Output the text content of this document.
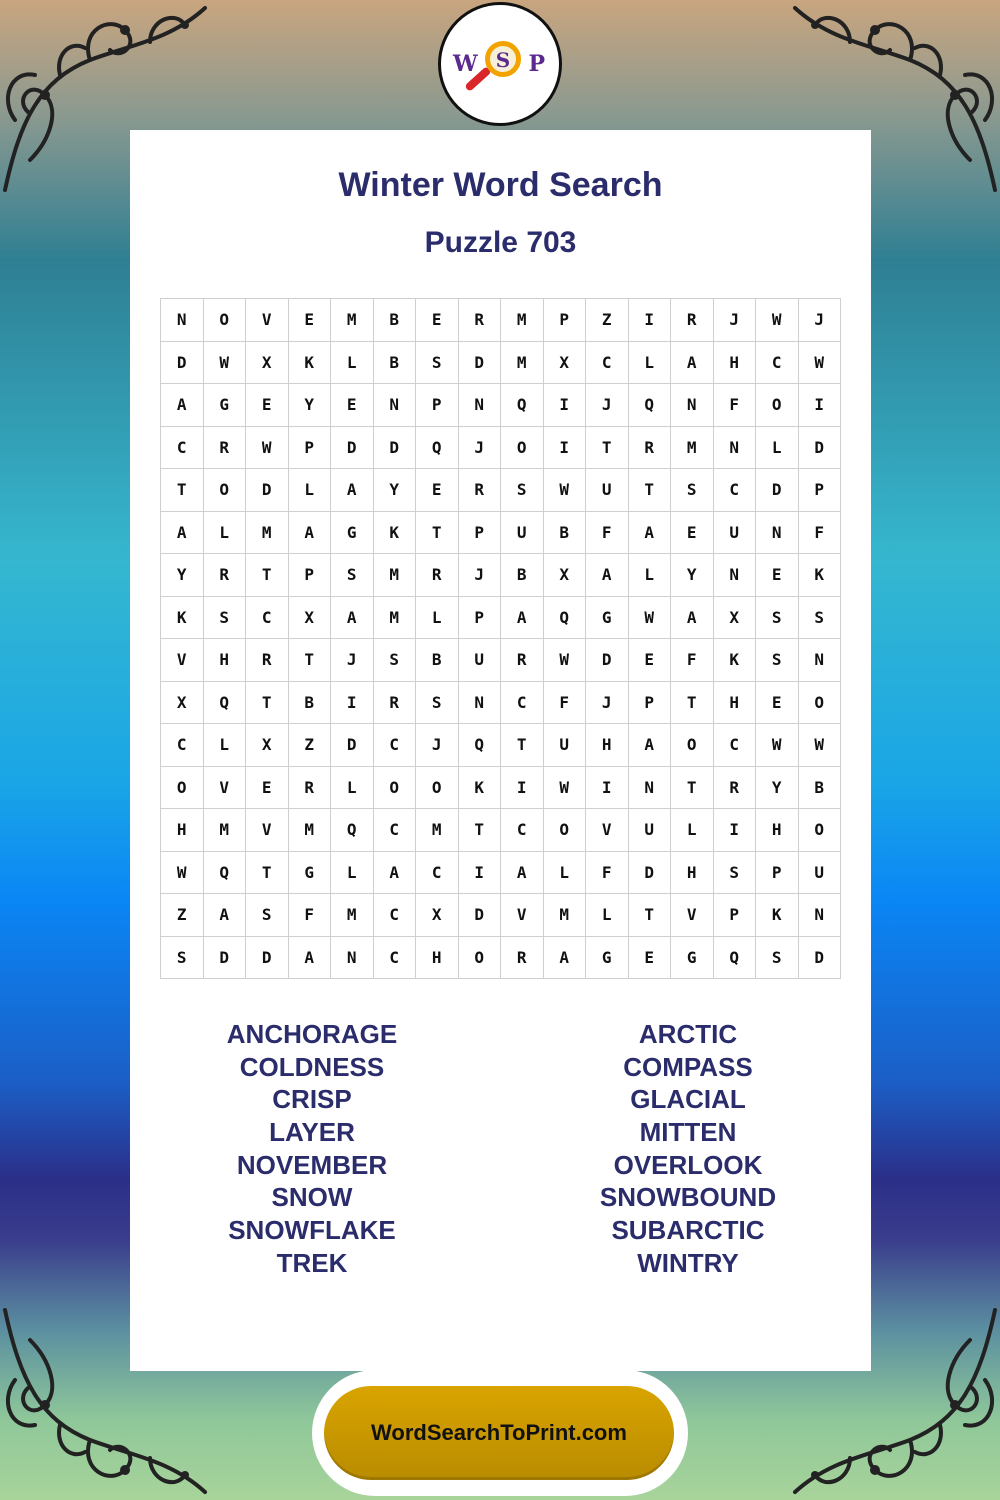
W S P
Winter Word Search
Puzzle 703
N	O	V	E	M	B	E	R	M	P	Z	I	R	J	W	J
D	W	X	K	L	B	S	D	M	X	C	L	A	H	C	W
A	G	E	Y	E	N	P	N	Q	I	J	Q	N	F	O	I
C	R	W	P	D	D	Q	J	O	I	T	R	M	N	L	D
T	O	D	L	A	Y	E	R	S	W	U	T	S	C	D	P
A	L	M	A	G	K	T	P	U	B	F	A	E	U	N	F
Y	R	T	P	S	M	R	J	B	X	A	L	Y	N	E	K
K	S	C	X	A	M	L	P	A	Q	G	W	A	X	S	S
V	H	R	T	J	S	B	U	R	W	D	E	F	K	S	N
X	Q	T	B	I	R	S	N	C	F	J	P	T	H	E	O
C	L	X	Z	D	C	J	Q	T	U	H	A	O	C	W	W
O	V	E	R	L	O	O	K	I	W	I	N	T	R	Y	B
H	M	V	M	Q	C	M	T	C	O	V	U	L	I	H	O
W	Q	T	G	L	A	C	I	A	L	F	D	H	S	P	U
Z	A	S	F	M	C	X	D	V	M	L	T	V	P	K	N
S	D	D	A	N	C	H	O	R	A	G	E	G	Q	S	D
ANCHORAGE
COLDNESS
CRISP
LAYER
NOVEMBER
SNOW
SNOWFLAKE
TREK
ARCTIC
COMPASS
GLACIAL
MITTEN
OVERLOOK
SNOWBOUND
SUBARCTIC
WINTRY
WordSearchToPrint.com
